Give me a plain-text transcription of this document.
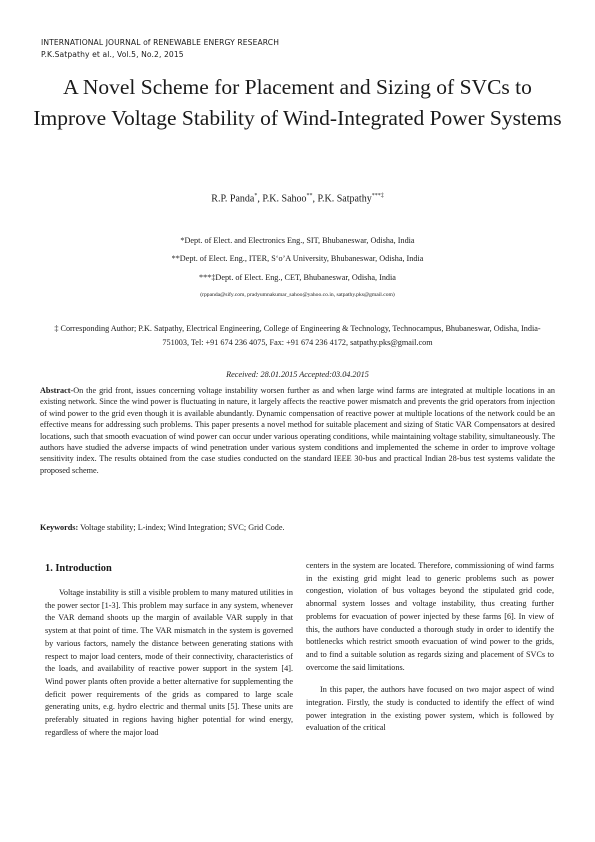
INTERNATIONAL JOURNAL of RENEWABLE ENERGY RESEARCH
P.K.Satpathy et al., Vol.5, No.2, 2015
A Novel Scheme for Placement and Sizing of SVCs to Improve Voltage Stability of Wind-Integrated Power Systems
R.P. Panda*, P.K. Sahoo**, P.K. Satpathy***‡
*Dept. of Elect. and Electronics Eng., SIT, Bhubaneswar, Odisha, India
**Dept. of Elect. Eng., ITER, S‘o’A University, Bhubaneswar, Odisha, India
***‡Dept. of Elect. Eng., CET, Bhubaneswar, Odisha, India
(rppanda@sify.com, pradyumnakumar_sahoo@yahoo.co.in, satpathy.pks@gmail.com)
‡ Corresponding Author; P.K. Satpathy, Electrical Engineering, College of Engineering & Technology, Technocampus, Bhubaneswar, Odisha, India-751003, Tel: +91 674 236 4075, Fax: +91 674 236 4172, satpathy.pks@gmail.com
Received: 28.01.2015 Accepted:03.04.2015
Abstract-On the grid front, issues concerning voltage instability worsen further as and when large wind farms are integrated at multiple locations in an existing network. Since the wind power is fluctuating in nature, it largely affects the reactive power mismatch and prevents the grid operators from injection of wind power to the grid even though it is available abundantly. Dynamic compensation of reactive power at multiple locations of the network could be an effective means for addressing such problems. This paper presents a novel method for suitable placement and sizing of Static VAR Compensators at desired locations, such that smooth evacuation of wind power can occur under various operating conditions, while maintaining voltage stability, simultaneously. The authors have studied the adverse impacts of wind penetration under various system conditions and implemented the scheme in order to improve voltage sensitivity index. The results obtained from the case studies conducted on the standard IEEE 30-bus and practical Indian 28-bus test systems validate the proposed scheme.
Keywords: Voltage stability; L-index; Wind Integration; SVC; Grid Code.
1. Introduction

Voltage instability is still a visible problem to many matured utilities in the power sector [1-3]. This problem may surface in any system, whenever the VAR demand shoots up the margin of available VAR supply in that system at that point of time. The VAR mismatch in the system is governed by various factors, namely the distance between generating stations with respect to major load centers, mode of their connectivity, characteristics of the loads, and availability of reactive power support in the system [4]. Wind power plants often provide a better alternative for supplementing the deficit power requirements of the grids as compared to large scale generating units, e.g. hydro electric and thermal units [5]. These units are preferably situated in regions having higher potential for wind energy, regardless of where the major load

centers in the system are located. Therefore, commissioning of wind farms in the existing grid might lead to generic problems such as power congestion, violation of bus voltages beyond the stipulated grid code, abnormal system losses and voltage instability, thus creating further problems for evacuation of power injected by these farms [6]. In view of this, the authors have conducted a thorough study in order to identify the bottlenecks which restrict smooth evacuation of wind power to the grids, and to find a suitable solution as regards sizing and placement of SVCs to overcome the said limitations.

In this paper, the authors have focused on two major aspect of wind integration. Firstly, the study is conducted to identify the effect of wind power integration in the existing power system, which is followed by evaluation of the critical
